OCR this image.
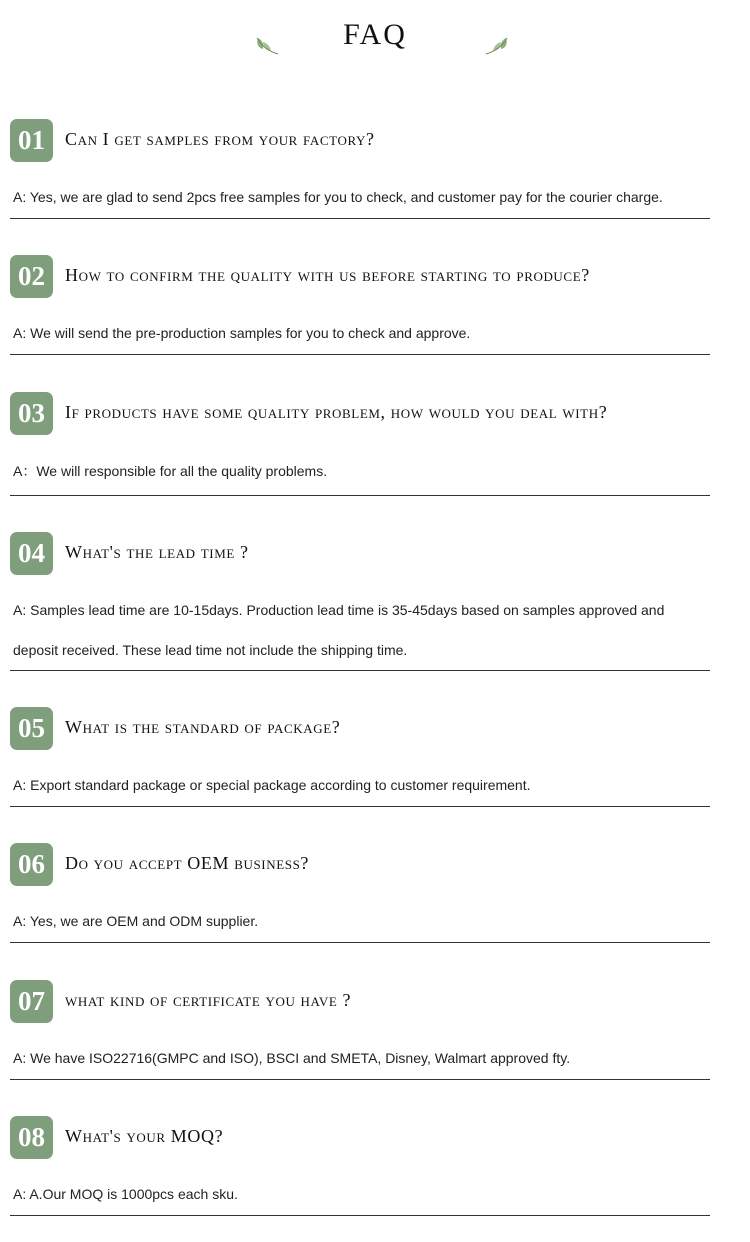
FAQ
01	Can I get samples from your factory?
A: Yes, we are glad to send 2pcs free samples for you to check, and customer pay for the courier charge.
02	How to confirm the quality with us before starting to produce?
A: We will send the pre-production samples for you to check and approve.
03	If products have some quality problem, how would you deal with?
A：We will responsible for all the quality problems.
04	What's the lead time ?
A: Samples lead time are 10-15days. Production lead time is 35-45days based on samples approved and deposit received. These lead time not include the shipping time.
05	What is the standard of package?
A: Export standard package or special package according to customer requirement.
06	Do you accept OEM business?
A: Yes, we are OEM and ODM supplier.
07	what kind of certificate you have ?
A: We have ISO22716(GMPC and ISO), BSCI and SMETA, Disney, Walmart approved fty.
08	What's your MOQ?
A: A.Our MOQ is 1000pcs each sku.
